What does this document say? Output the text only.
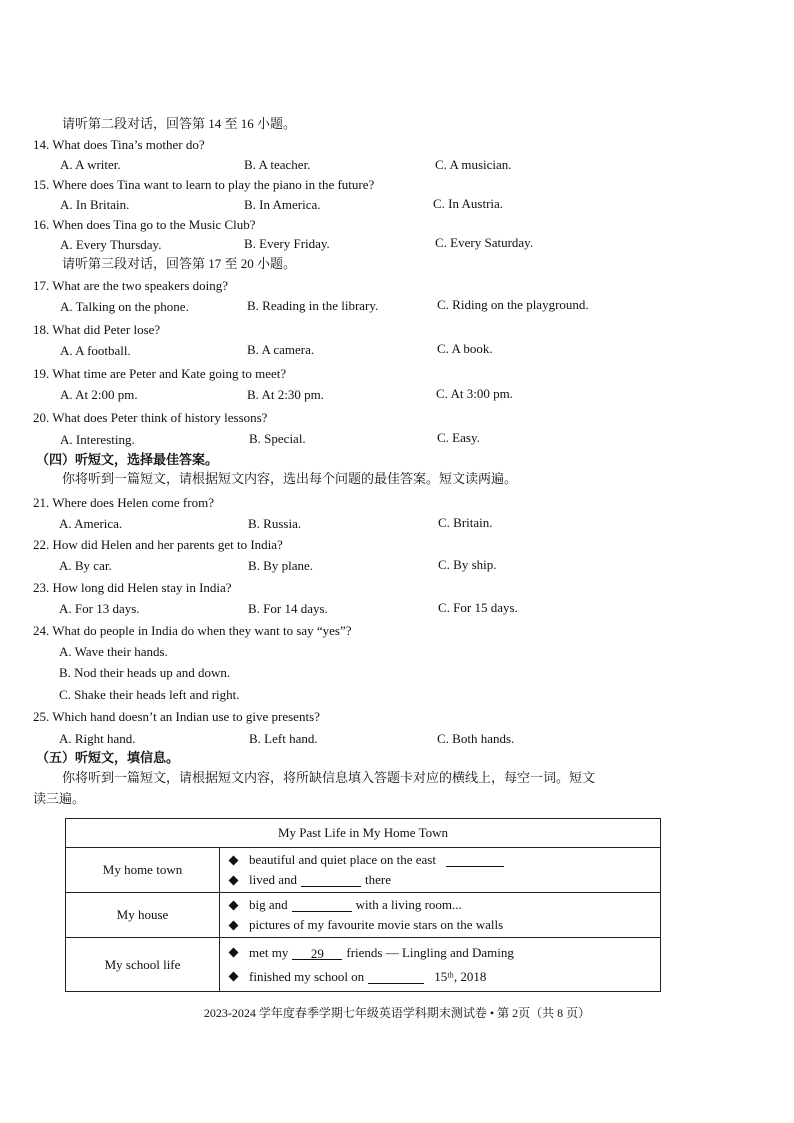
请听第二段对话，回答第 14 至 16 小题。
14. What does Tina’s mother do?
A. A writer.	B. A teacher.	C. A musician.
15. Where does Tina want to learn to play the piano in the future?
A. In Britain.	B. In America.	C. In Austria.
16. When does Tina go to the Music Club?
A. Every Thursday.	B. Every Friday.	C. Every Saturday.
请听第三段对话，回答第 17 至 20 小题。
17. What are the two speakers doing?
A. Talking on the phone.	B. Reading in the library.	C. Riding on the playground.
18. What did Peter lose?
A. A football.	B. A camera.	C. A book.
19. What time are Peter and Kate going to meet?
A. At 2:00 pm.	B. At 2:30 pm.	C. At 3:00 pm.
20. What does Peter think of history lessons?
A. Interesting.	B. Special.	C. Easy.
（四）听短文，选择最佳答案。
你将听到一篇短文，请根据短文内容，选出每个问题的最佳答案。短文读两遍。
21. Where does Helen come from?
A. America.	B. Russia.	C. Britain.
22. How did Helen and her parents get to India?
A. By car.	B. By plane.	C. By ship.
23. How long did Helen stay in India?
A. For 13 days.	B. For 14 days.	C. For 15 days.
24. What do people in India do when they want to say “yes”?
A. Wave their hands.
B. Nod their heads up and down.
C. Shake their heads left and right.
25. Which hand doesn’t an Indian use to give presents?
A. Right hand.	B. Left hand.	C. Both hands.
（五）听短文，填信息。
你将听到一篇短文，请根据短文内容，将所缺信息填入答题卡对应的横线上，每空一词。短文
读三遍。
My Past Life in My Home Town	
My home town	beautiful and quiet place on the east
lived and there

My house	big and with a living room...
pictures of my favourite movie stars on the walls

My school life	met my 29 friends — Lingling and Daming
finished my school on 15ᵗʰ, 2018
2023-2024 学年度春季学期七年级英语学科期末测试卷 • 第 2页（共 8 页）
